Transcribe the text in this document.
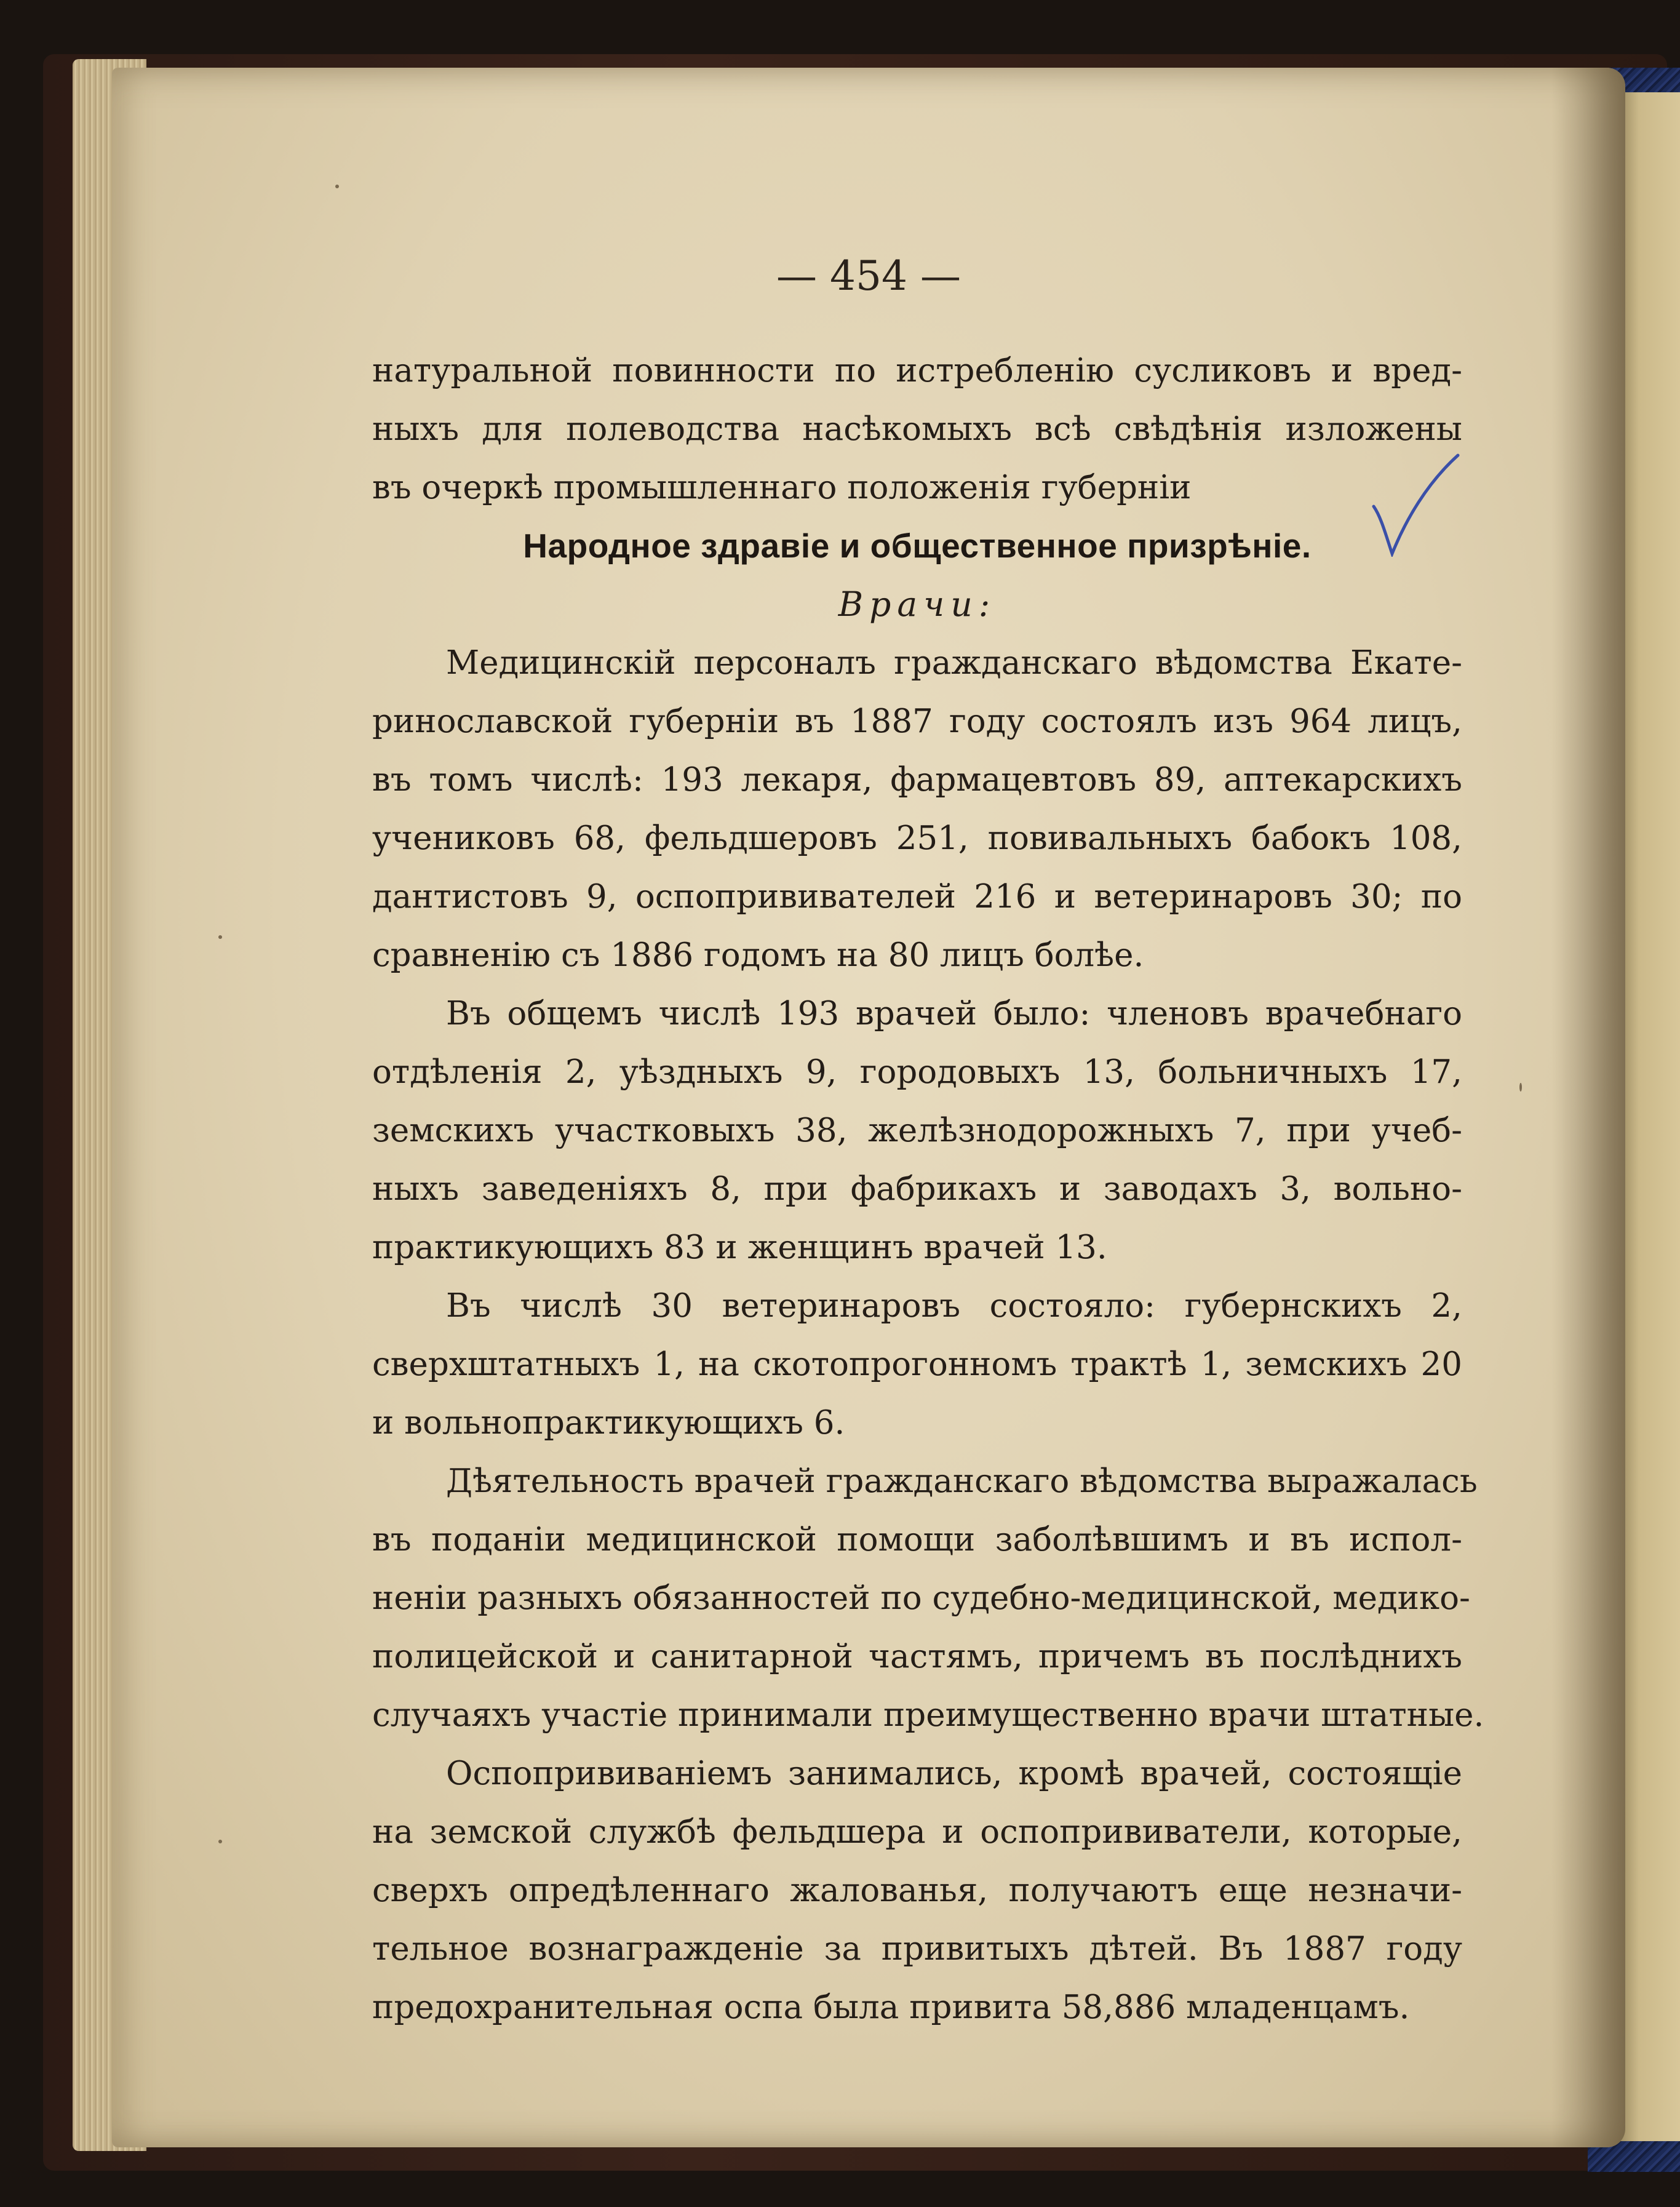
— 454 —

натуральной повинности по истребленію сусликовъ и вред-
ныхъ для полеводства насѣкомыхъ всѣ свѣдѣнія изложены
въ очеркѣ промышленнаго положенія губерніи
Народное здравіе и общественное призрѣніе.
Врачи:
Медицинскій персоналъ гражданскаго вѣдомства Екате-
ринославской губерніи въ 1887 году состоялъ изъ 964 лицъ,
въ томъ числѣ: 193 лекаря, фармацевтовъ 89, аптекарскихъ
учениковъ 68, фельдшеровъ 251, повивальныхъ бабокъ 108,
дантистовъ 9, оспопрививателей 216 и ветеринаровъ 30; по
сравненію съ 1886 годомъ на 80 лицъ болѣе.
Въ общемъ числѣ 193 врачей было: членовъ врачебнаго
отдѣленія 2, уѣздныхъ 9, городовыхъ 13, больничныхъ 17,
земскихъ участковыхъ 38, желѣзнодорожныхъ 7, при учеб-
ныхъ заведеніяхъ 8, при фабрикахъ и заводахъ 3, вольно-
практикующихъ 83 и женщинъ врачей 13.
Въ числѣ 30 ветеринаровъ состояло: губернскихъ 2,
сверхштатныхъ 1, на скотопрогонномъ трактѣ 1, земскихъ 20
и вольнопрактикующихъ 6.
Дѣятельность врачей гражданскаго вѣдомства выражалась
въ поданіи медицинской помощи заболѣвшимъ и въ испол-
неніи разныхъ обязанностей по судебно-медицинской, медико-
полицейской и санитарной частямъ, причемъ въ послѣднихъ
случаяхъ участіе принимали преимущественно врачи штатные.
Оспопрививаніемъ занимались, кромѣ врачей, состоящіе
на земской службѣ фельдшера и оспопрививатели, которые,
сверхъ опредѣленнаго жалованья, получаютъ еще незначи-
тельное вознагражденіе за привитыхъ дѣтей. Въ 1887 году
предохранительная оспа была привита 58,886 младенцамъ.
